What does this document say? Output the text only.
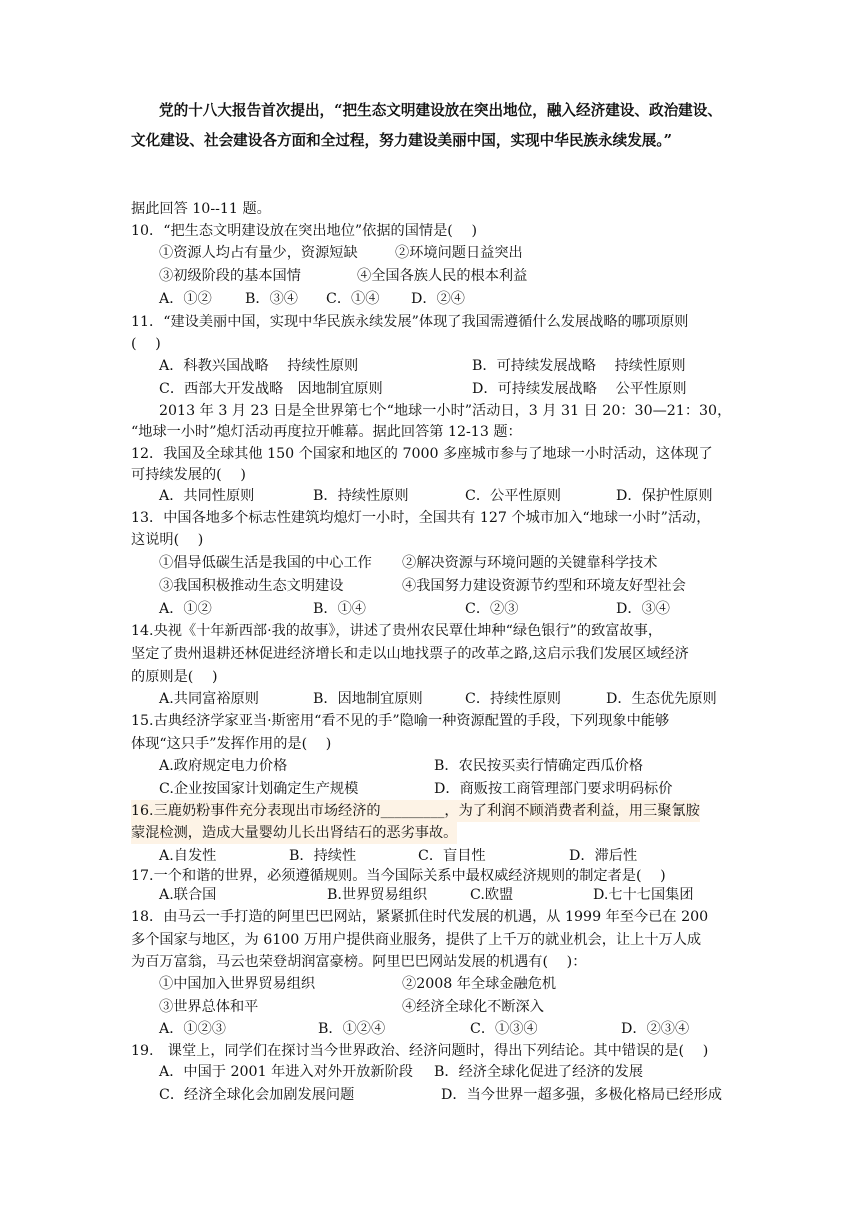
党的十八大报告首次提出，“把生态文明建设放在突出地位，融入经济建设、政治建设、
文化建设、社会建设各方面和全过程，努力建设美丽中国，实现中华民族永续发展。”
据此回答 10--11 题。
10．“把生态文明建设放在突出地位”依据的国情是(　 )
①资源人均占有量少，资源短缺	②环境问题日益突出
③初级阶段的基本国情	④全国各族人民的根本利益
A．①② B．③④ C．①④ D．②④
11．“建设美丽中国，实现中华民族永续发展”体现了我国需遵循什么发展战略的哪项原则
(　 )
A．科教兴国战略　 持续性原则	B．可持续发展战略　 持续性原则
C．西部大开发战略　因地制宜原则	D．可持续发展战略　 公平性原则
2013 年 3 月 23 日是全世界第七个“地球一小时”活动日，3 月 31 日 20：30—21：30，
“地球一小时”熄灯活动再度拉开帷幕。据此回答第 12-13 题：
12．我国及全球其他 150 个国家和地区的 7000 多座城市参与了地球一小时活动，这体现了
可持续发展的(　 )
A．共同性原则	B．持续性原则	C．公平性原则	D．保护性原则
13．中国各地多个标志性建筑均熄灯一小时，全国共有 127 个城市加入“地球一小时”活动，
这说明(　 )
①倡导低碳生活是我国的中心工作 ②解决资源与环境问题的关键靠科学技术
③我国积极推动生态文明建设	④我国努力建设资源节约型和环境友好型社会
A．①②	B．①④	C．②③	D．③④
14.央视《十年新西部·我的故事》，讲述了贵州农民覃仕坤种“绿色银行”的致富故事，
坚定了贵州退耕还林促进经济增长和走以山地找票子的改革之路,这启示我们发展区域经济
的原则是(　 )
A.共同富裕原则	B．因地制宜原则	C．持续性原则	D．生态优先原则
15.古典经济学家亚当·斯密用“看不见的手”隐喻一种资源配置的手段，下列现象中能够
体现“这只手”发挥作用的是(　 )
A.政府规定电力价格	B．农民按买卖行情确定西瓜价格
C.企业按国家计划确定生产规模	D．商贩按工商管理部门要求明码标价
16.三鹿奶粉事件充分表现出市场经济的_________，为了利润不顾消费者利益，用三聚氰胺
蒙混检测，造成大量婴幼儿长出肾结石的恶劣事故。
A.自发性	B．持续性	C．盲目性	D．滞后性
17.一个和谐的世界，必须遵循规则。当今国际关系中最权威经济规则的制定者是(　 )
A.联合国	B.世界贸易组织	C.欧盟	D.七十七国集团
18．由马云一手打造的阿里巴巴网站，紧紧抓住时代发展的机遇，从 1999 年至今已在 200
多个国家与地区，为 6100 万用户提供商业服务，提供了上千万的就业机会，让上十万人成
为百万富翁，马云也荣登胡润富豪榜。阿里巴巴网站发展的机遇有(　 )：
①中国加入世界贸易组织	②2008 年全球金融危机
③世界总体和平	④经济全球化不断深入
A．①②③	B．①②④	C．①③④	D．②③④
19.　课堂上，同学们在探讨当今世界政治、经济问题时，得出下列结论。其中错误的是(　 )
A．中国于 2001 年进入对外开放新阶段 B．经济全球化促进了经济的发展
C．经济全球化会加剧发展问题	D．当今世界一超多强，多极化格局已经形成
